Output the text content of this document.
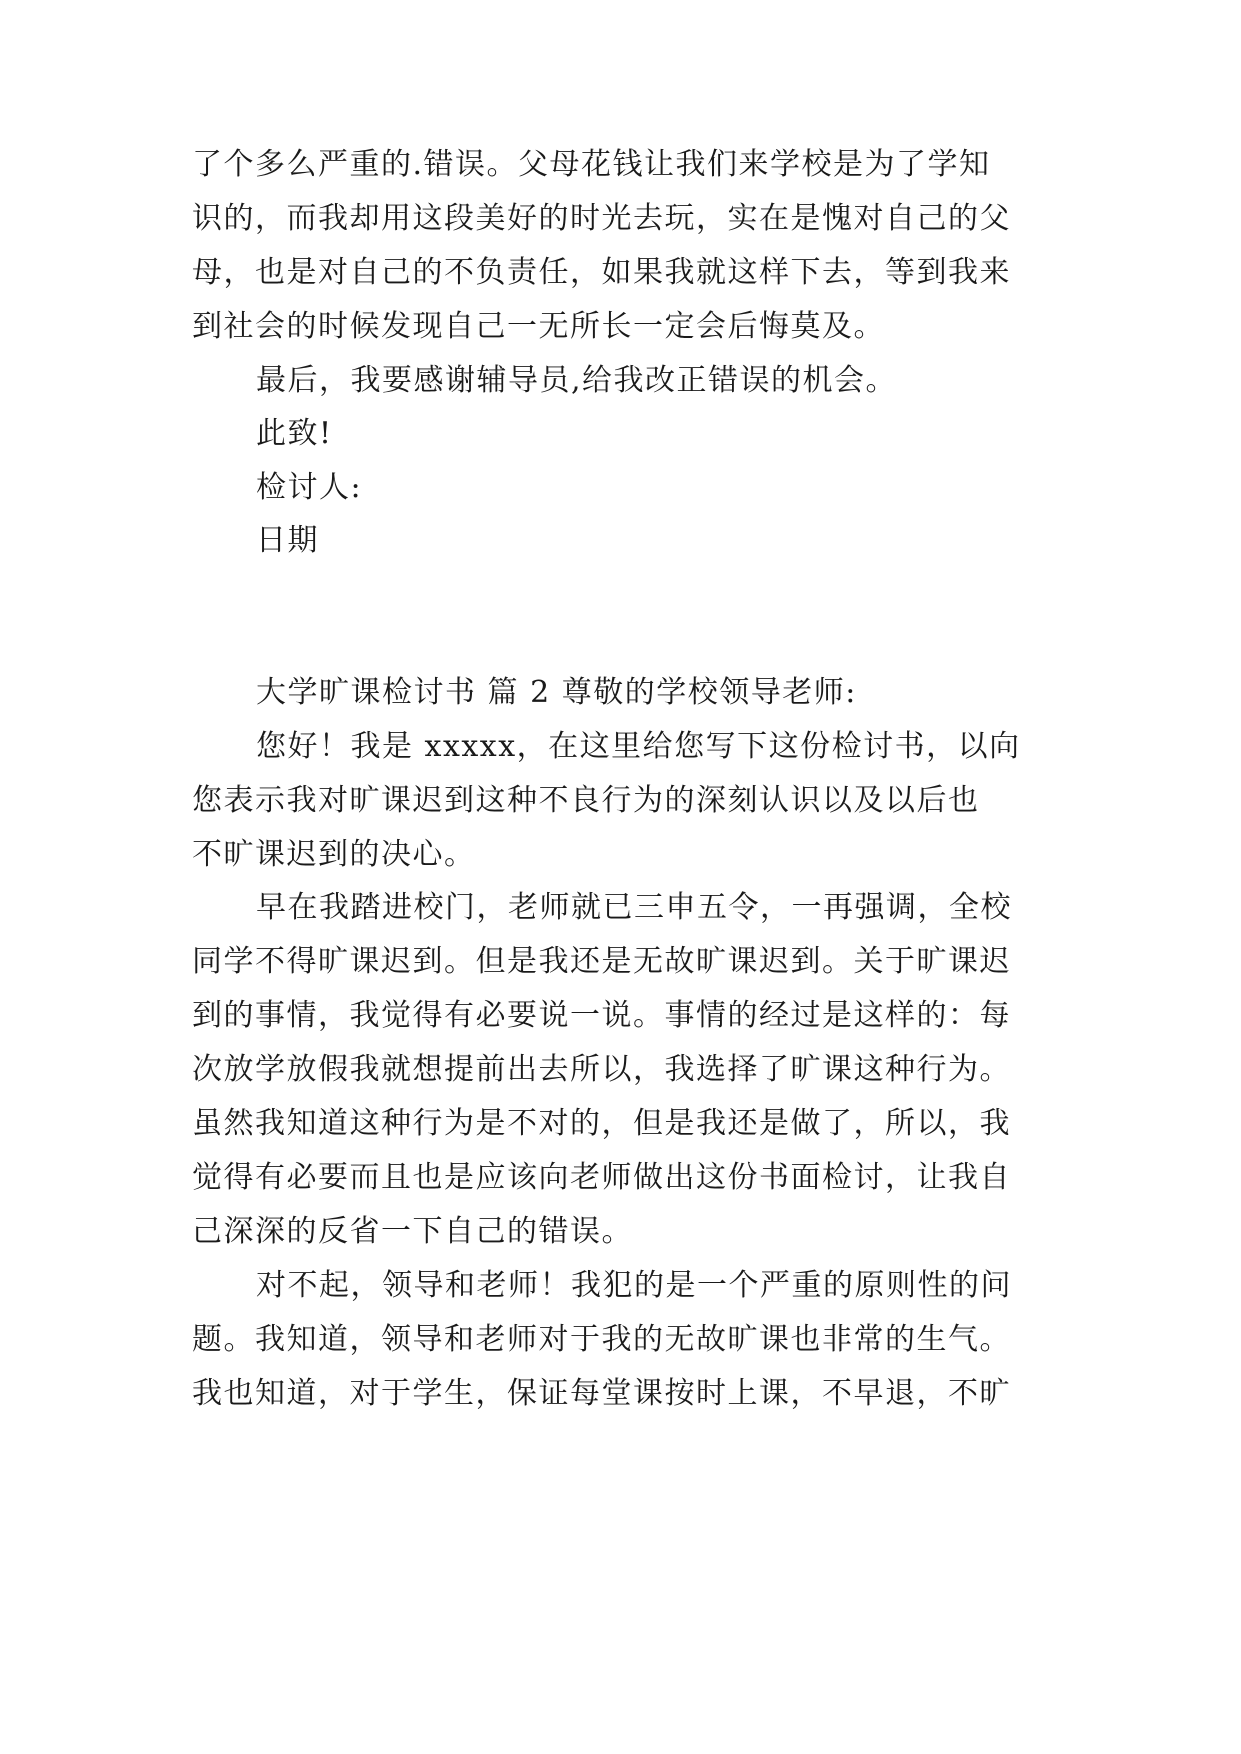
了个多么严重的.错误。父母花钱让我们来学校是为了学知
识的，而我却用这段美好的时光去玩，实在是愧对自己的父
母，也是对自己的不负责任，如果我就这样下去，等到我来
到社会的时候发现自己一无所长一定会后悔莫及。
最后，我要感谢辅导员,给我改正错误的机会。
此致!
检讨人:
日期
大学旷课检讨书 篇 2 尊敬的学校领导老师:
您好！我是 xxxxx，在这里给您写下这份检讨书，以向
您表示我对旷课迟到这种不良行为的深刻认识以及以后也
不旷课迟到的决心。
早在我踏进校门，老师就已三申五令，一再强调，全校
同学不得旷课迟到。但是我还是无故旷课迟到。关于旷课迟
到的事情，我觉得有必要说一说。事情的经过是这样的：每
次放学放假我就想提前出去所以，我选择了旷课这种行为。
虽然我知道这种行为是不对的，但是我还是做了，所以，我
觉得有必要而且也是应该向老师做出这份书面检讨，让我自
己深深的反省一下自己的错误。
对不起，领导和老师！我犯的是一个严重的原则性的问
题。我知道，领导和老师对于我的无故旷课也非常的生气。
我也知道，对于学生，保证每堂课按时上课，不早退，不旷
